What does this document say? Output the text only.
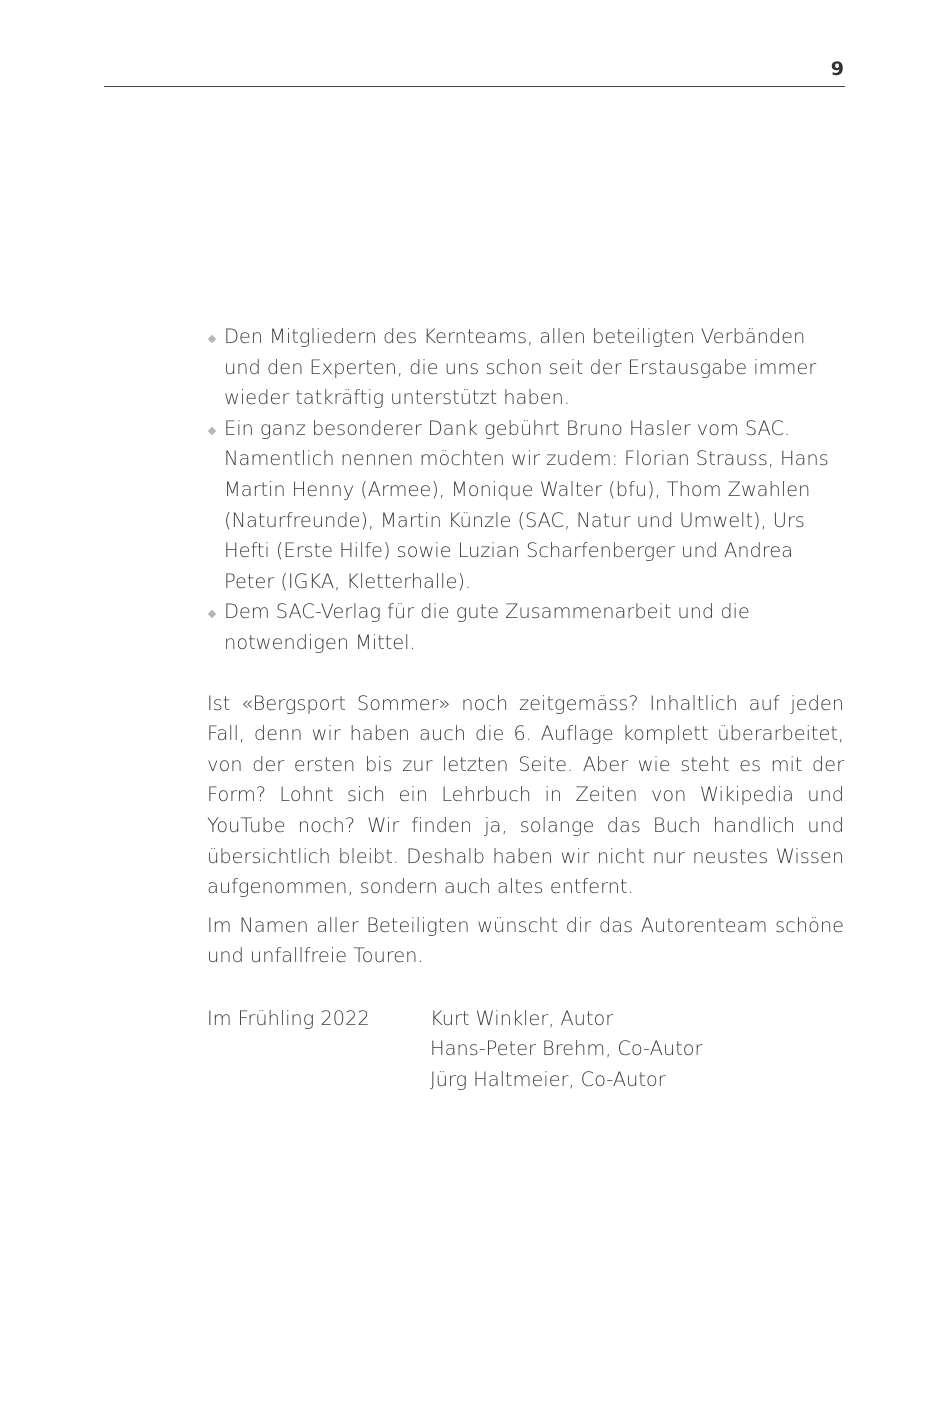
9
Den Mitgliedern des Kernteams, allen beteiligten Verbänden und den Experten, die uns schon seit der Erstausgabe immer wieder tatkräftig unterstützt haben.
Ein ganz besonderer Dank gebührt Bruno Hasler vom SAC. Namentlich nennen möchten wir zudem: Florian Strauss, Hans Martin Henny (Armee), Monique Walter (bfu), Thom Zwahlen (Naturfreunde), Martin Künzle (SAC, Natur und Umwelt), Urs Hefti (Erste Hilfe) sowie Luzian Scharfenberger und Andrea Peter (IGKA, Kletterhalle).
Dem SAC-Verlag für die gute Zusammenarbeit und die notwendigen Mittel.

Ist «Bergsport Sommer» noch zeitgemäss? Inhaltlich auf jeden Fall, denn wir haben auch die 6. Auflage komplett überarbeitet, von der ersten bis zur letzten Seite. Aber wie steht es mit der Form? Lohnt sich ein Lehrbuch in Zeiten von Wikipedia und YouTube noch? Wir finden ja, solange das Buch handlich und übersichtlich bleibt. Deshalb haben wir nicht nur neustes Wissen aufgenommen, sondern auch altes entfernt.

Im Namen aller Beteiligten wünscht dir das Autorenteam schöne und unfallfreie Touren.

Im Frühling 2022	Kurt Winkler, Autor
Hans-Peter Brehm, Co-Autor
Jürg Haltmeier, Co-Autor
